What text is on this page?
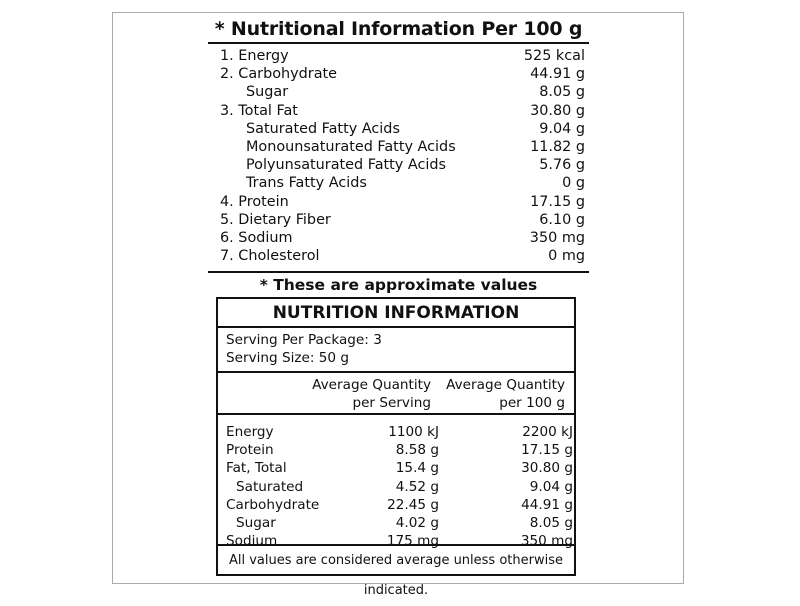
* Nutritional Information Per 100 g
1. Energy	525 kcal
2. Carbohydrate	44.91 g
Sugar	8.05 g
3. Total Fat	30.80 g
Saturated Fatty Acids	9.04 g
Monounsaturated Fatty Acids	11.82 g
Polyunsaturated Fatty Acids	5.76 g
Trans Fatty Acids	0 g
4. Protein	17.15 g
5. Dietary Fiber	6.10 g
6. Sodium	350 mg
7. Cholesterol	0 mg
* These are approximate values
NUTRITION INFORMATION
Serving Per Package: 3
Serving Size: 50 g
Average Quantity
per Serving
Average Quantity
per 100 g
Energy	1100 kJ	2200 kJ
Protein	8.58 g	17.15 g
Fat, Total	15.4 g	30.80 g
Saturated	4.52 g	9.04 g
Carbohydrate	22.45 g	44.91 g
Sugar	4.02 g	8.05 g
Sodium	175 mg	350 mg
All values are considered average unless otherwise indicated.
